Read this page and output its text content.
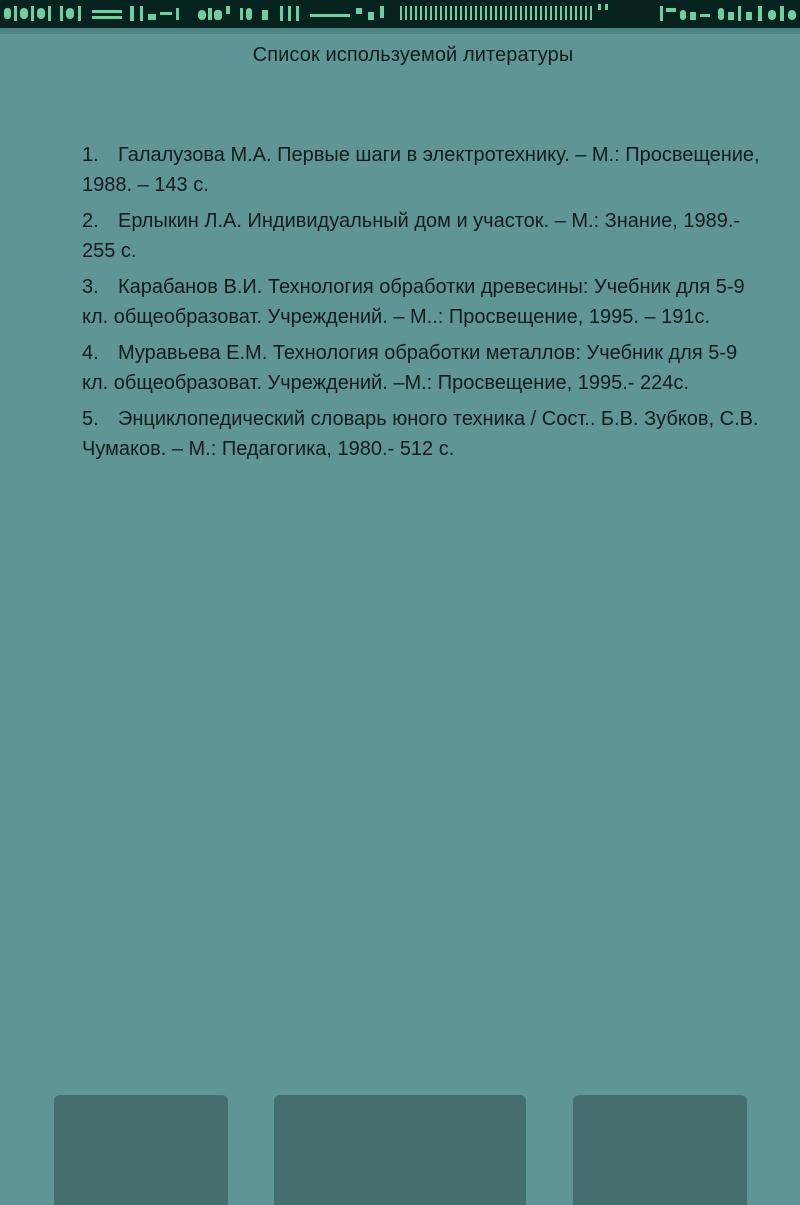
Список используемой литературы
1. Галалузова М.А. Первые шаги в электротехнику. – М.: Просвещение, 1988. – 143 с.
2. Ерлыкин Л.А. Индивидуальный дом и участок. – М.: Знание, 1989.- 255 с.
3. Карабанов В.И. Технология обработки древесины: Учебник для 5-9 кл. общеобразоват. Учреждений. – М..: Просвещение, 1995. – 191с.
4. Муравьева Е.М. Технология обработки металлов: Учебник для 5-9 кл. общеобразоват. Учреждений. –М.: Просвещение, 1995.- 224с.
5. Энциклопедический словарь юного техника / Сост.. Б.В. Зубков, С.В. Чумаков. – М.: Педагогика, 1980.- 512 с.
